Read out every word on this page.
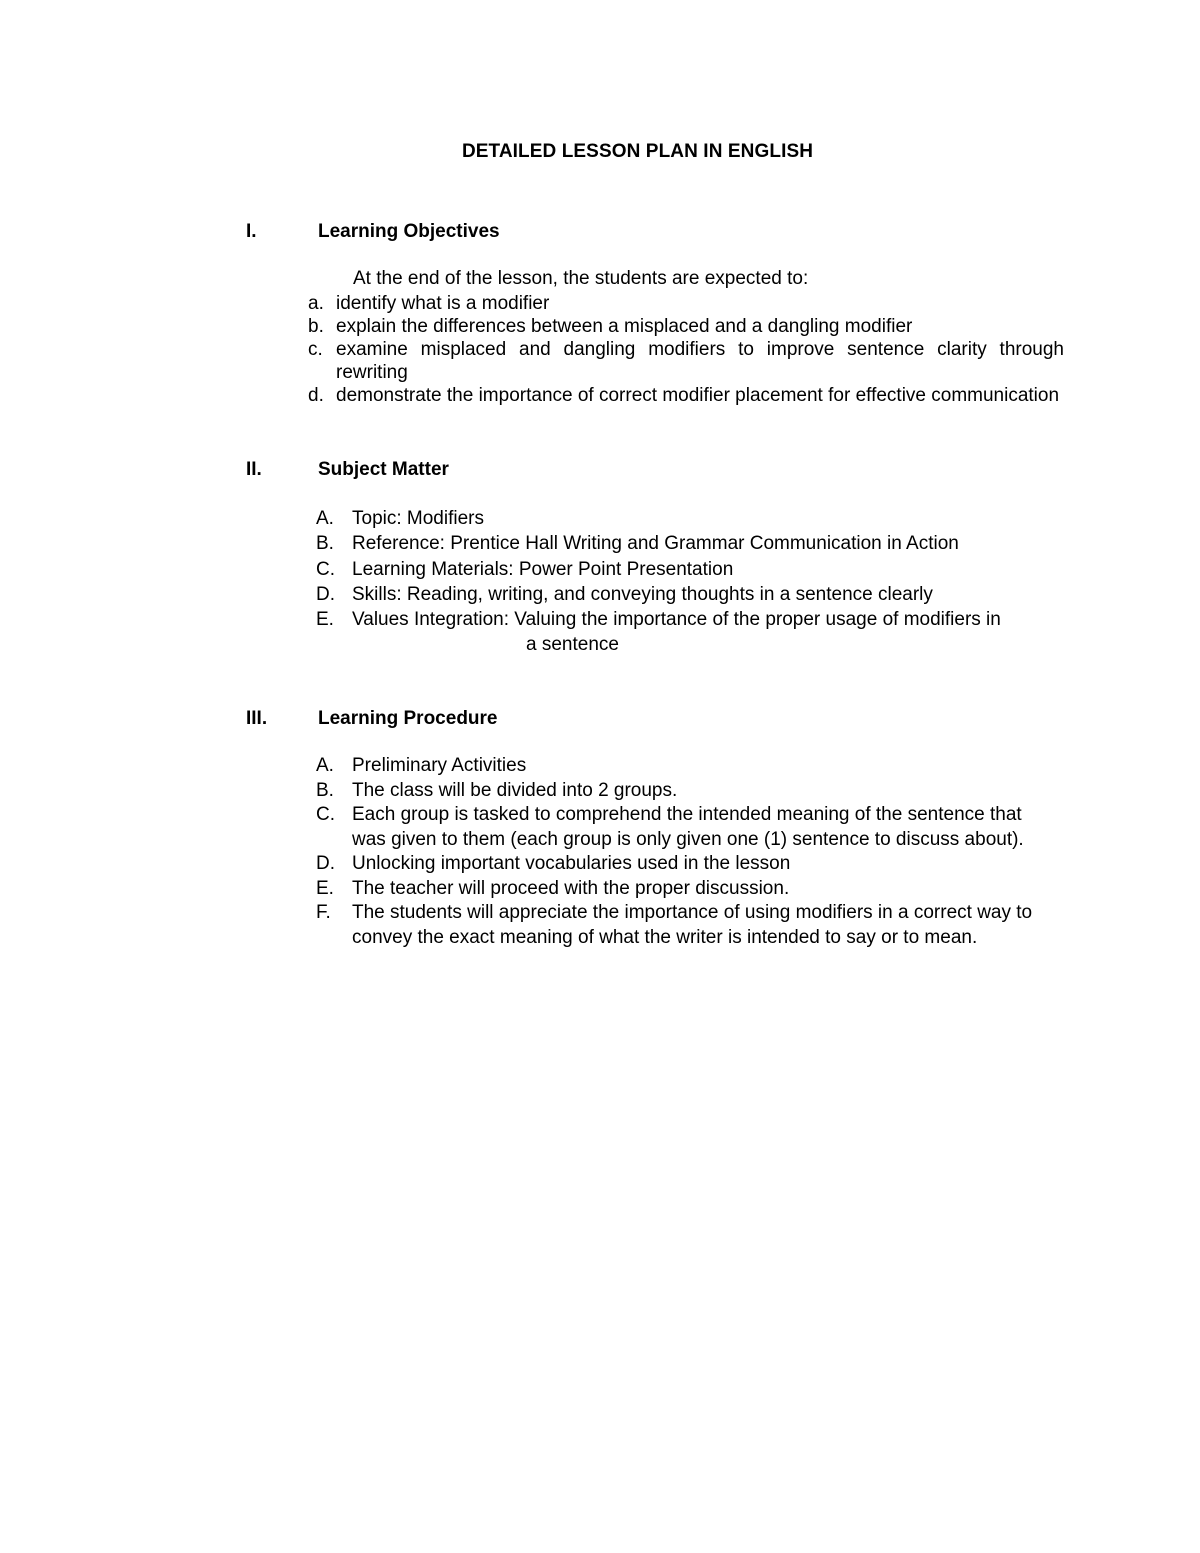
DETAILED LESSON PLAN IN ENGLISH
I.	Learning Objectives
At the end of the lesson, the students are expected to:
a. identify what is a modifier
b. explain the differences between a misplaced and a dangling modifier
c. examine misplaced and dangling modifiers to improve sentence clarity through rewriting
d. demonstrate the importance of correct modifier placement for effective communication
II.	Subject Matter
A. Topic: Modifiers
B. Reference: Prentice Hall Writing and Grammar Communication in Action
C. Learning Materials: Power Point Presentation
D. Skills: Reading, writing, and conveying thoughts in a sentence clearly
E. Values Integration: Valuing the importance of the proper usage of modifiers in
a sentence
III.	Learning Procedure
A. Preliminary Activities
B. The class will be divided into 2 groups.
C. Each group is tasked to comprehend the intended meaning of the sentence that was given to them (each group is only given one (1) sentence to discuss about).
D. Unlocking important vocabularies used in the lesson
E. The teacher will proceed with the proper discussion.
F. The students will appreciate the importance of using modifiers in a correct way to convey the exact meaning of what the writer is intended to say or to mean.
